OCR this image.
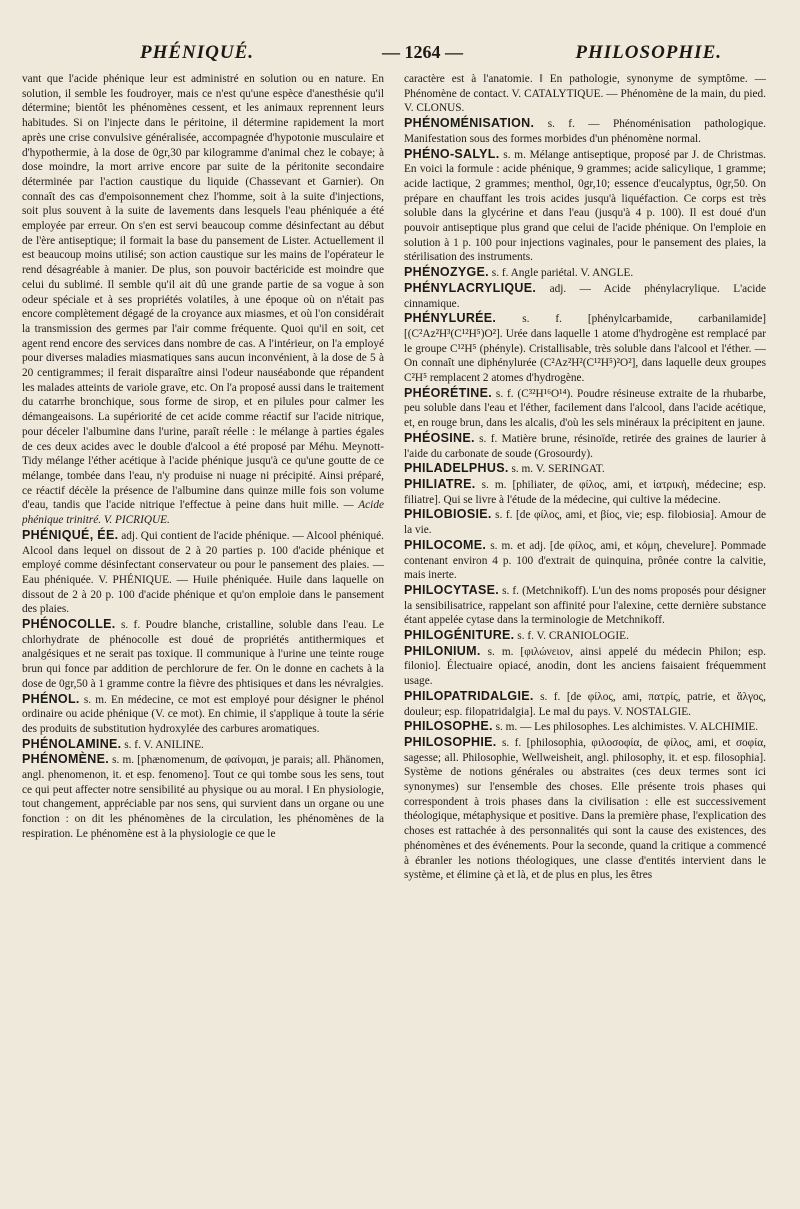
PHÉNIQUÉ.	— 1264 —	PHILOSOPHIE.

vant que l'acide phénique leur est administré en solution ou en nature. En solution, il semble les foudroyer, mais ce n'est qu'une espèce d'anesthésie qu'il détermine; bientôt les phénomènes cessent, et les animaux reprennent leurs habitudes. Si on l'injecte dans le péritoine, il détermine rapidement la mort après une crise convulsive généralisée, accompagnée d'hypotonie musculaire et d'hypothermie, à la dose de 0gr,30 par kilogramme d'animal chez le cobaye; à dose moindre, la mort arrive encore par suite de la péritonite secondaire déterminée par l'action caustique du liquide (Chassevant et Garnier). On connaît des cas d'empoisonnement chez l'homme, soit à la suite d'injections, soit plus souvent à la suite de lavements dans lesquels l'eau phéniquée a été employée par erreur. On s'en est servi beaucoup comme désinfectant au début de l'ère antiseptique; il formait la base du pansement de Lister. Actuellement il est beaucoup moins utilisé; son action caustique sur les mains de l'opérateur le rend désagréable à manier. De plus, son pouvoir bactéricide est moindre que celui du sublimé. Il semble qu'il ait dû une grande partie de sa vogue à son odeur spéciale et à ses propriétés volatiles, à une époque où on n'était pas encore complètement dégagé de la croyance aux miasmes, et où l'on considérait la transmission des germes par l'air comme fréquente. Quoi qu'il en soit, cet agent rend encore des services dans nombre de cas. A l'intérieur, on l'a employé pour diverses maladies miasmatiques sans aucun inconvénient, à la dose de 5 à 20 centigrammes; il ferait disparaître ainsi l'odeur nauséabonde que répandent les malades atteints de variole grave, etc. On l'a proposé aussi dans le traitement du catarrhe bronchique, sous forme de sirop, et en pilules pour calmer les démangeaisons. La supériorité de cet acide comme réactif sur l'acide nitrique, pour déceler l'albumine dans l'urine, paraît réelle : le mélange à parties égales de ces deux acides avec le double d'alcool a été proposé par Méhu. Meynott-Tidy mélange l'éther acétique à l'acide phénique jusqu'à ce qu'une goutte de ce mélange, tombée dans l'eau, n'y produise ni nuage ni précipité. Ainsi préparé, ce réactif décèle la présence de l'albumine dans quinze mille fois son volume d'eau, tandis que l'acide nitrique l'effectue à peine dans huit mille. — Acide phénique trinitré. V. PICRIQUE.

PHÉNIQUÉ, ÉE. adj. Qui contient de l'acide phénique. — Alcool phéniqué. Alcool dans lequel on dissout de 2 à 20 parties p. 100 d'acide phénique et employé comme désinfectant conservateur ou pour le pansement des plaies. — Eau phéniquée. V. PHÉNIQUE. — Huile phéniquée. Huile dans laquelle on dissout de 2 à 20 p. 100 d'acide phénique et qu'on emploie dans le pansement des plaies.

PHÉNOCOLLE. s. f. Poudre blanche, cristalline, soluble dans l'eau. Le chlorhydrate de phénocolle est doué de propriétés antithermiques et analgésiques et ne serait pas toxique. Il communique à l'urine une teinte rouge brun qui fonce par addition de perchlorure de fer. On le donne en cachets à la dose de 0gr,50 à 1 gramme contre la fièvre des phtisiques et dans les névralgies.

PHÉNOL. s. m. En médecine, ce mot est employé pour désigner le phénol ordinaire ou acide phénique (V. ce mot). En chimie, il s'applique à toute la série des produits de substitution hydroxylée des carbures aromatiques.

PHÉNOLAMINE. s. f. V. ANILINE.

PHÉNOMÈNE. s. m. [phænomenum, de φαίνομαι, je parais; all. Phänomen, angl. phenomenon, it. et esp. fenomeno]. Tout ce qui tombe sous les sens, tout ce qui peut affecter notre sensibilité au physique ou au moral. ‖ En physiologie, tout changement, appréciable par nos sens, qui survient dans un organe ou une fonction : on dit les phénomènes de la circulation, les phénomènes de la respiration. Le phénomène est à la physiologie ce que le

caractère est à l'anatomie. ‖ En pathologie, synonyme de symptôme. — Phénomène de contact. V. CATALYTIQUE. — Phénomène de la main, du pied. V. CLONUS.

PHÉNOMÉNISATION. s. f. — Phénoménisation pathologique. Manifestation sous des formes morbides d'un phénomène normal.

PHÉNO-SALYL. s. m. Mélange antiseptique, proposé par J. de Christmas. En voici la formule : acide phénique, 9 grammes; acide salicylique, 1 gramme; acide lactique, 2 grammes; menthol, 0gr,10; essence d'eucalyptus, 0gr,50. On prépare en chauffant les trois acides jusqu'à liquéfaction. Ce corps est très soluble dans la glycérine et dans l'eau (jusqu'à 4 p. 100). Il est doué d'un pouvoir antiseptique plus grand que celui de l'acide phénique. On l'emploie en solution à 1 p. 100 pour injections vaginales, pour le pansement des plaies, la stérilisation des instruments.

PHÉNOZYGE. s. f. Angle pariétal. V. ANGLE.

PHÉNYLACRYLIQUE. adj. — Acide phénylacrylique. L'acide cinnamique.

PHÉNYLURÉE. s. f. [phénylcarbamide, carbanilamide] [(C²Az²H³(C¹²H⁵)O²]. Urée dans laquelle 1 atome d'hydrogène est remplacé par le groupe C¹²H⁵ (phényle). Cristallisable, très soluble dans l'alcool et l'éther. — On connaît une diphénylurée (C²Az²H²(C¹²H⁵)²O²], dans laquelle deux groupes C²H⁵ remplacent 2 atomes d'hydrogène.

PHÉORÉTINE. s. f. (C³²H¹⁶O¹⁴). Poudre résineuse extraite de la rhubarbe, peu soluble dans l'eau et l'éther, facilement dans l'alcool, dans l'acide acétique, et, en rouge brun, dans les alcalis, d'où les sels minéraux la précipitent en jaune.

PHÉOSINE. s. f. Matière brune, résinoïde, retirée des graines de laurier à l'aide du carbonate de soude (Grosourdy).

PHILADELPHUS. s. m. V. SERINGAT.

PHILIATRE. s. m. [philiater, de φίλος, ami, et ἰατρικὴ, médecine; esp. filiatre]. Qui se livre à l'étude de la médecine, qui cultive la médecine.

PHILOBIOSIE. s. f. [de φίλος, ami, et βίος, vie; esp. filobiosia]. Amour de la vie.

PHILOCOME. s. m. et adj. [de φίλος, ami, et κόμη, chevelure]. Pommade contenant environ 4 p. 100 d'extrait de quinquina, prônée contre la calvitie, mais inerte.

PHILOCYTASE. s. f. (Metchnikoff). L'un des noms proposés pour désigner la sensibilisatrice, rappelant son affinité pour l'alexine, cette dernière substance étant appelée cytase dans la terminologie de Metchnikoff.

PHILOGÉNITURE. s. f. V. CRANIOLOGIE.

PHILONIUM. s. m. [φιλώνειον, ainsi appelé du médecin Philon; esp. filonio]. Électuaire opiacé, anodin, dont les anciens faisaient fréquemment usage.

PHILOPATRIDALGIE. s. f. [de φίλος, ami, πατρίς, patrie, et ἄλγος, douleur; esp. filopatridalgia]. Le mal du pays. V. NOSTALGIE.

PHILOSOPHE. s. m. — Les philosophes. Les alchimistes. V. ALCHIMIE.

PHILOSOPHIE. s. f. [philosophia, φιλοσοφία, de φίλος, ami, et σοφία, sagesse; all. Philosophie, Wellweisheit, angl. philosophy, it. et esp. filosophia]. Système de notions générales ou abstraites (ces deux termes sont ici synonymes) sur l'ensemble des choses. Elle présente trois phases qui correspondent à trois phases dans la civilisation : elle est successivement théologique, métaphysique et positive. Dans la première phase, l'explication des choses est rattachée à des personnalités qui sont la cause des existences, des phénomènes et des événements. Pour la seconde, quand la critique a commencé à ébranler les notions théologiques, une classe d'entités intervient dans le système, et élimine çà et là, et de plus en plus, les êtres
